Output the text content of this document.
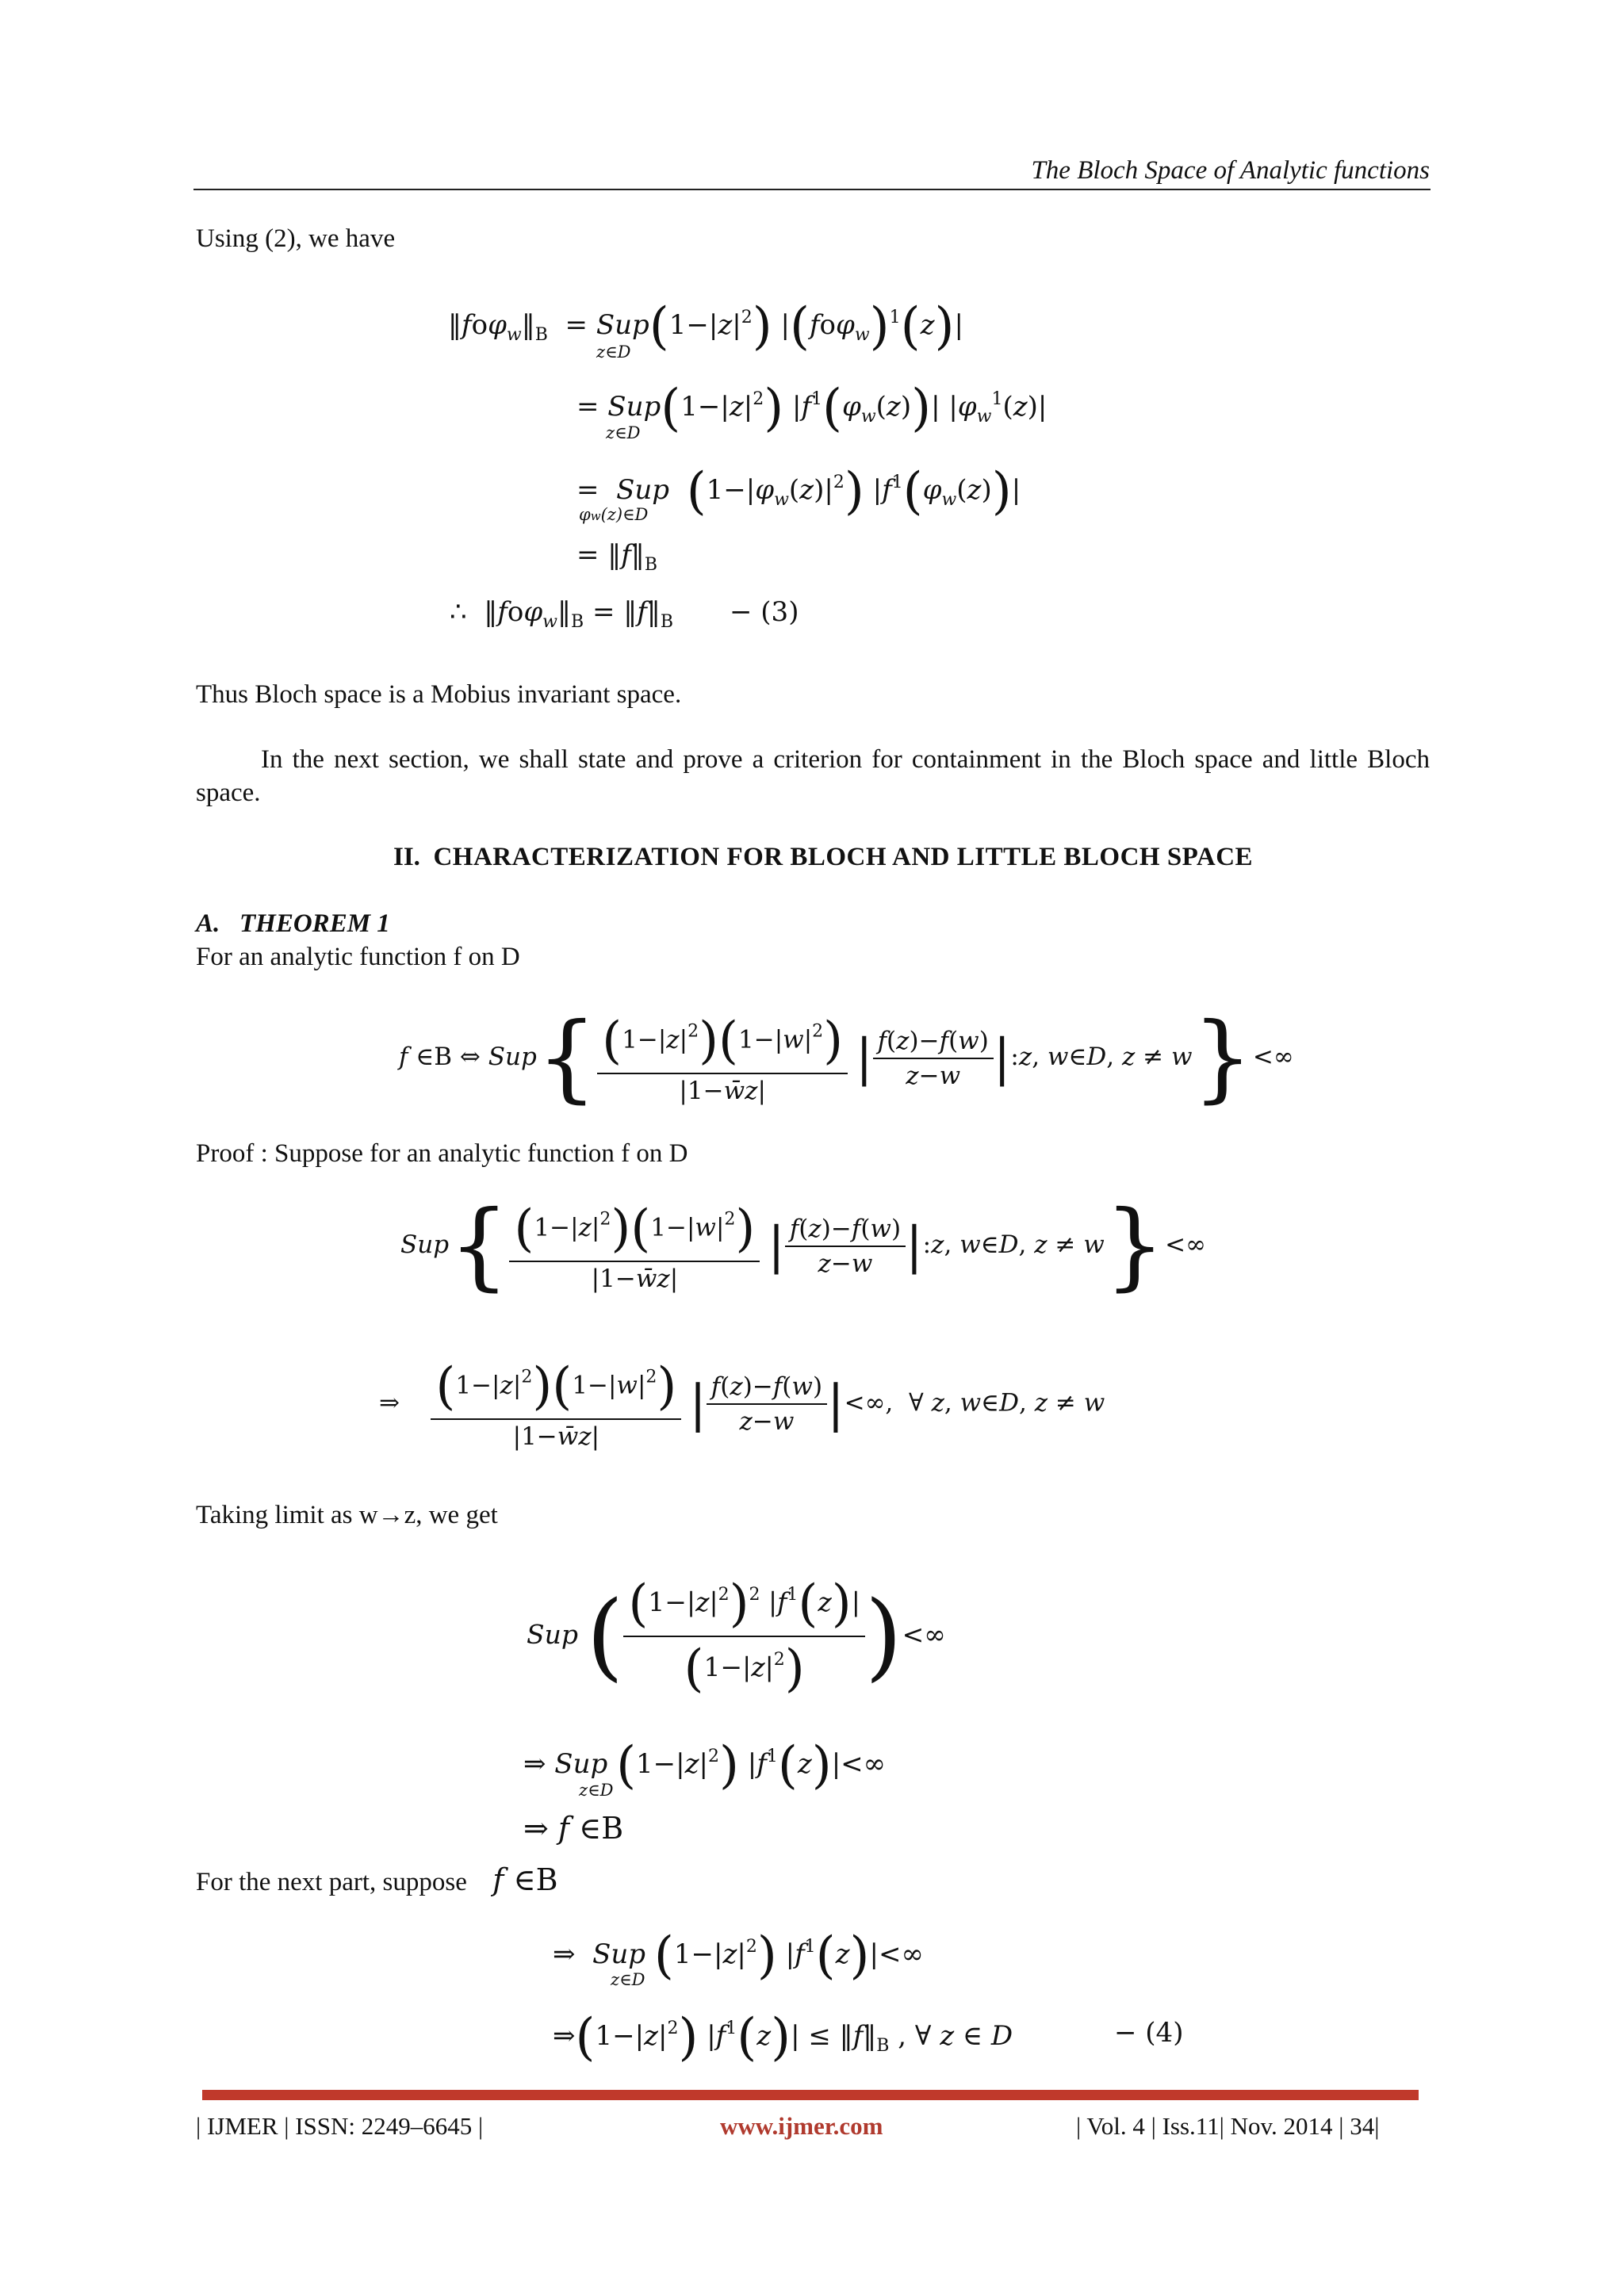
The Bloch Space of Analytic functions
Using (2), we have
$‖fo\varphi_w‖_B = Sup(1-|z|^2)$ $|(fo\varphi_w)^1(z)|$
z∈D
= $Sup(1-|z|^2)$ $|f^1(\varphi_w(z))|$ $|\varphi_w^1(z)|$
z∈D
=  Sup $(1-|\varphi_w(z)|^2)$ $|f^1(\varphi_w(z))|$
φw(z)∈D
= $‖f‖_B$
∴  $‖fo\varphi_w‖_B$ = $‖f‖_B - (3)$
Thus Bloch space is a Mobius invariant space.
In the next section, we shall state and prove a criterion for containment in the Bloch space and little Bloch space.
II. CHARACTERIZATION FOR BLOCH AND LITTLE BLOCH SPACE
A. THEOREM 1
For an analytic function f on D
f ∈B ⇔ $Sup\{ \frac{(1-|z|^2)(1-|w|^2)}{|1-w̄z|}$ | $\frac{f(z)-f(w)}{z-w}$ |:z, w∈D, z ≠ w}<∞
Proof : Suppose for an analytic function f on D
$Sup\{ \frac{(1-|z|^2)(1-|w|^2)}{|1-w̄z|}$ | $\frac{f(z)-f(w)}{z-w}$ |:z, w∈D, z ≠ w}<∞
⇒ $\frac{(1-|z|^2)(1-|w|^2)}{|1-w̄z|}$ | $\frac{f(z)-f(w)}{z-w}$ |<∞,  ∀ z, w∈D, z ≠ w
Taking limit as w→z, we get
Sup ( $\frac{(1-|z|^2)^2 |f^1(z)|}{(1-|z|^2)}$ )<∞
⇒ Sup $(1-|z|^2)$ $|f^1(z)|<\infty$
z∈D
⇒ f ∈B
For the next part, suppose f ∈B
⇒  Sup $(1-|z|^2)$ $|f^1(z)|<\infty$
z∈D
$\Rightarrow(1-|z|^2) |f^1(z)|$ ≤ $‖f‖_B$ , ∀ z ∈ D	− (4)
| IJMER | ISSN: 2249–6645 |	www.ijmer.com	| Vol. 4 | Iss.11| Nov. 2014 | 34|
